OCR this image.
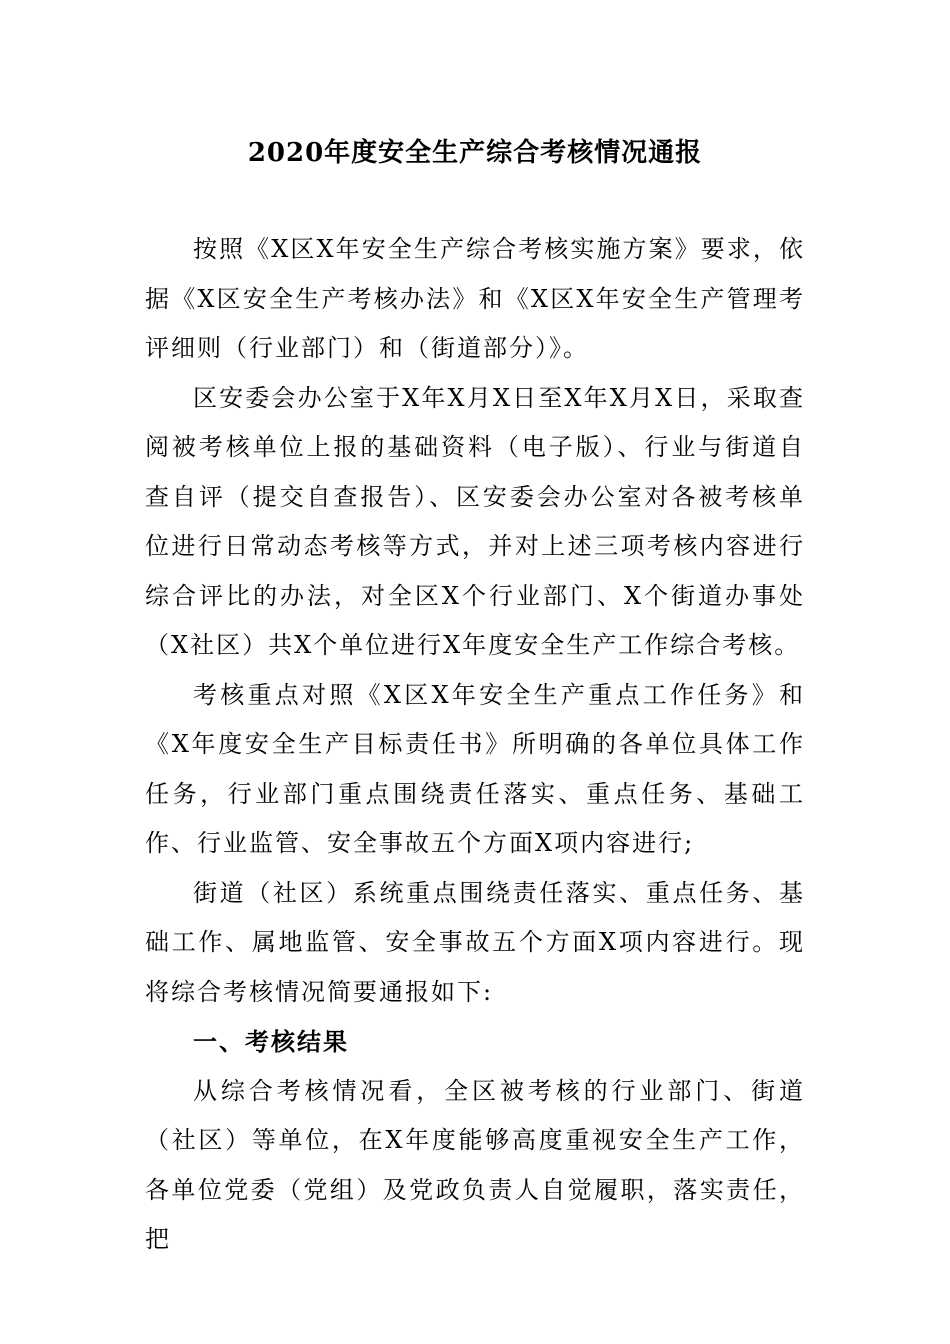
2020年度安全生产综合考核情况通报

按照《X区X年安全生产综合考核实施方案》要求，依据《X区安全生产考核办法》和《X区X年安全生产管理考评细则（行业部门）和（街道部分）》。

区安委会办公室于X年X月X日至X年X月X日，采取查阅被考核单位上报的基础资料（电子版）、行业与街道自查自评（提交自查报告）、区安委会办公室对各被考核单位进行日常动态考核等方式，并对上述三项考核内容进行综合评比的办法，对全区X个行业部门、X个街道办事处（X社区）共X个单位进行X年度安全生产工作综合考核。

考核重点对照《X区X年安全生产重点工作任务》和《X年度安全生产目标责任书》所明确的各单位具体工作任务，行业部门重点围绕责任落实、重点任务、基础工作、行业监管、安全事故五个方面X项内容进行;

街道（社区）系统重点围绕责任落实、重点任务、基础工作、属地监管、安全事故五个方面X项内容进行。现将综合考核情况简要通报如下:

一、考核结果

从综合考核情况看，全区被考核的行业部门、街道（社区）等单位，在X年度能够高度重视安全生产工作，各单位党委（党组）及党政负责人自觉履职，落实责任，把
